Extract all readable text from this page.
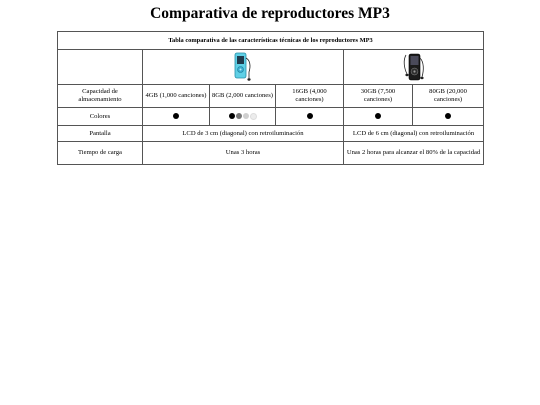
Comparativa de reproductores MP3
Tabla comparativa de las características técnicas de los reproductores MP3					

Capacidad de almacenamiento	4GB (1,000 canciones)	8GB (2,000 canciones)	16GB (4,000 canciones)	30GB (7,500 canciones)	80GB (20,000 canciones)
Colores					
Pantalla	LCD de 3 cm (diagonal) con retroiluminación			LCD de 6 cm (diagonal) con retroiluminación	
Tiempo de carga	Unas 3 horas			Unas 2 horas para alcanzar el 80% de la capacidad	
